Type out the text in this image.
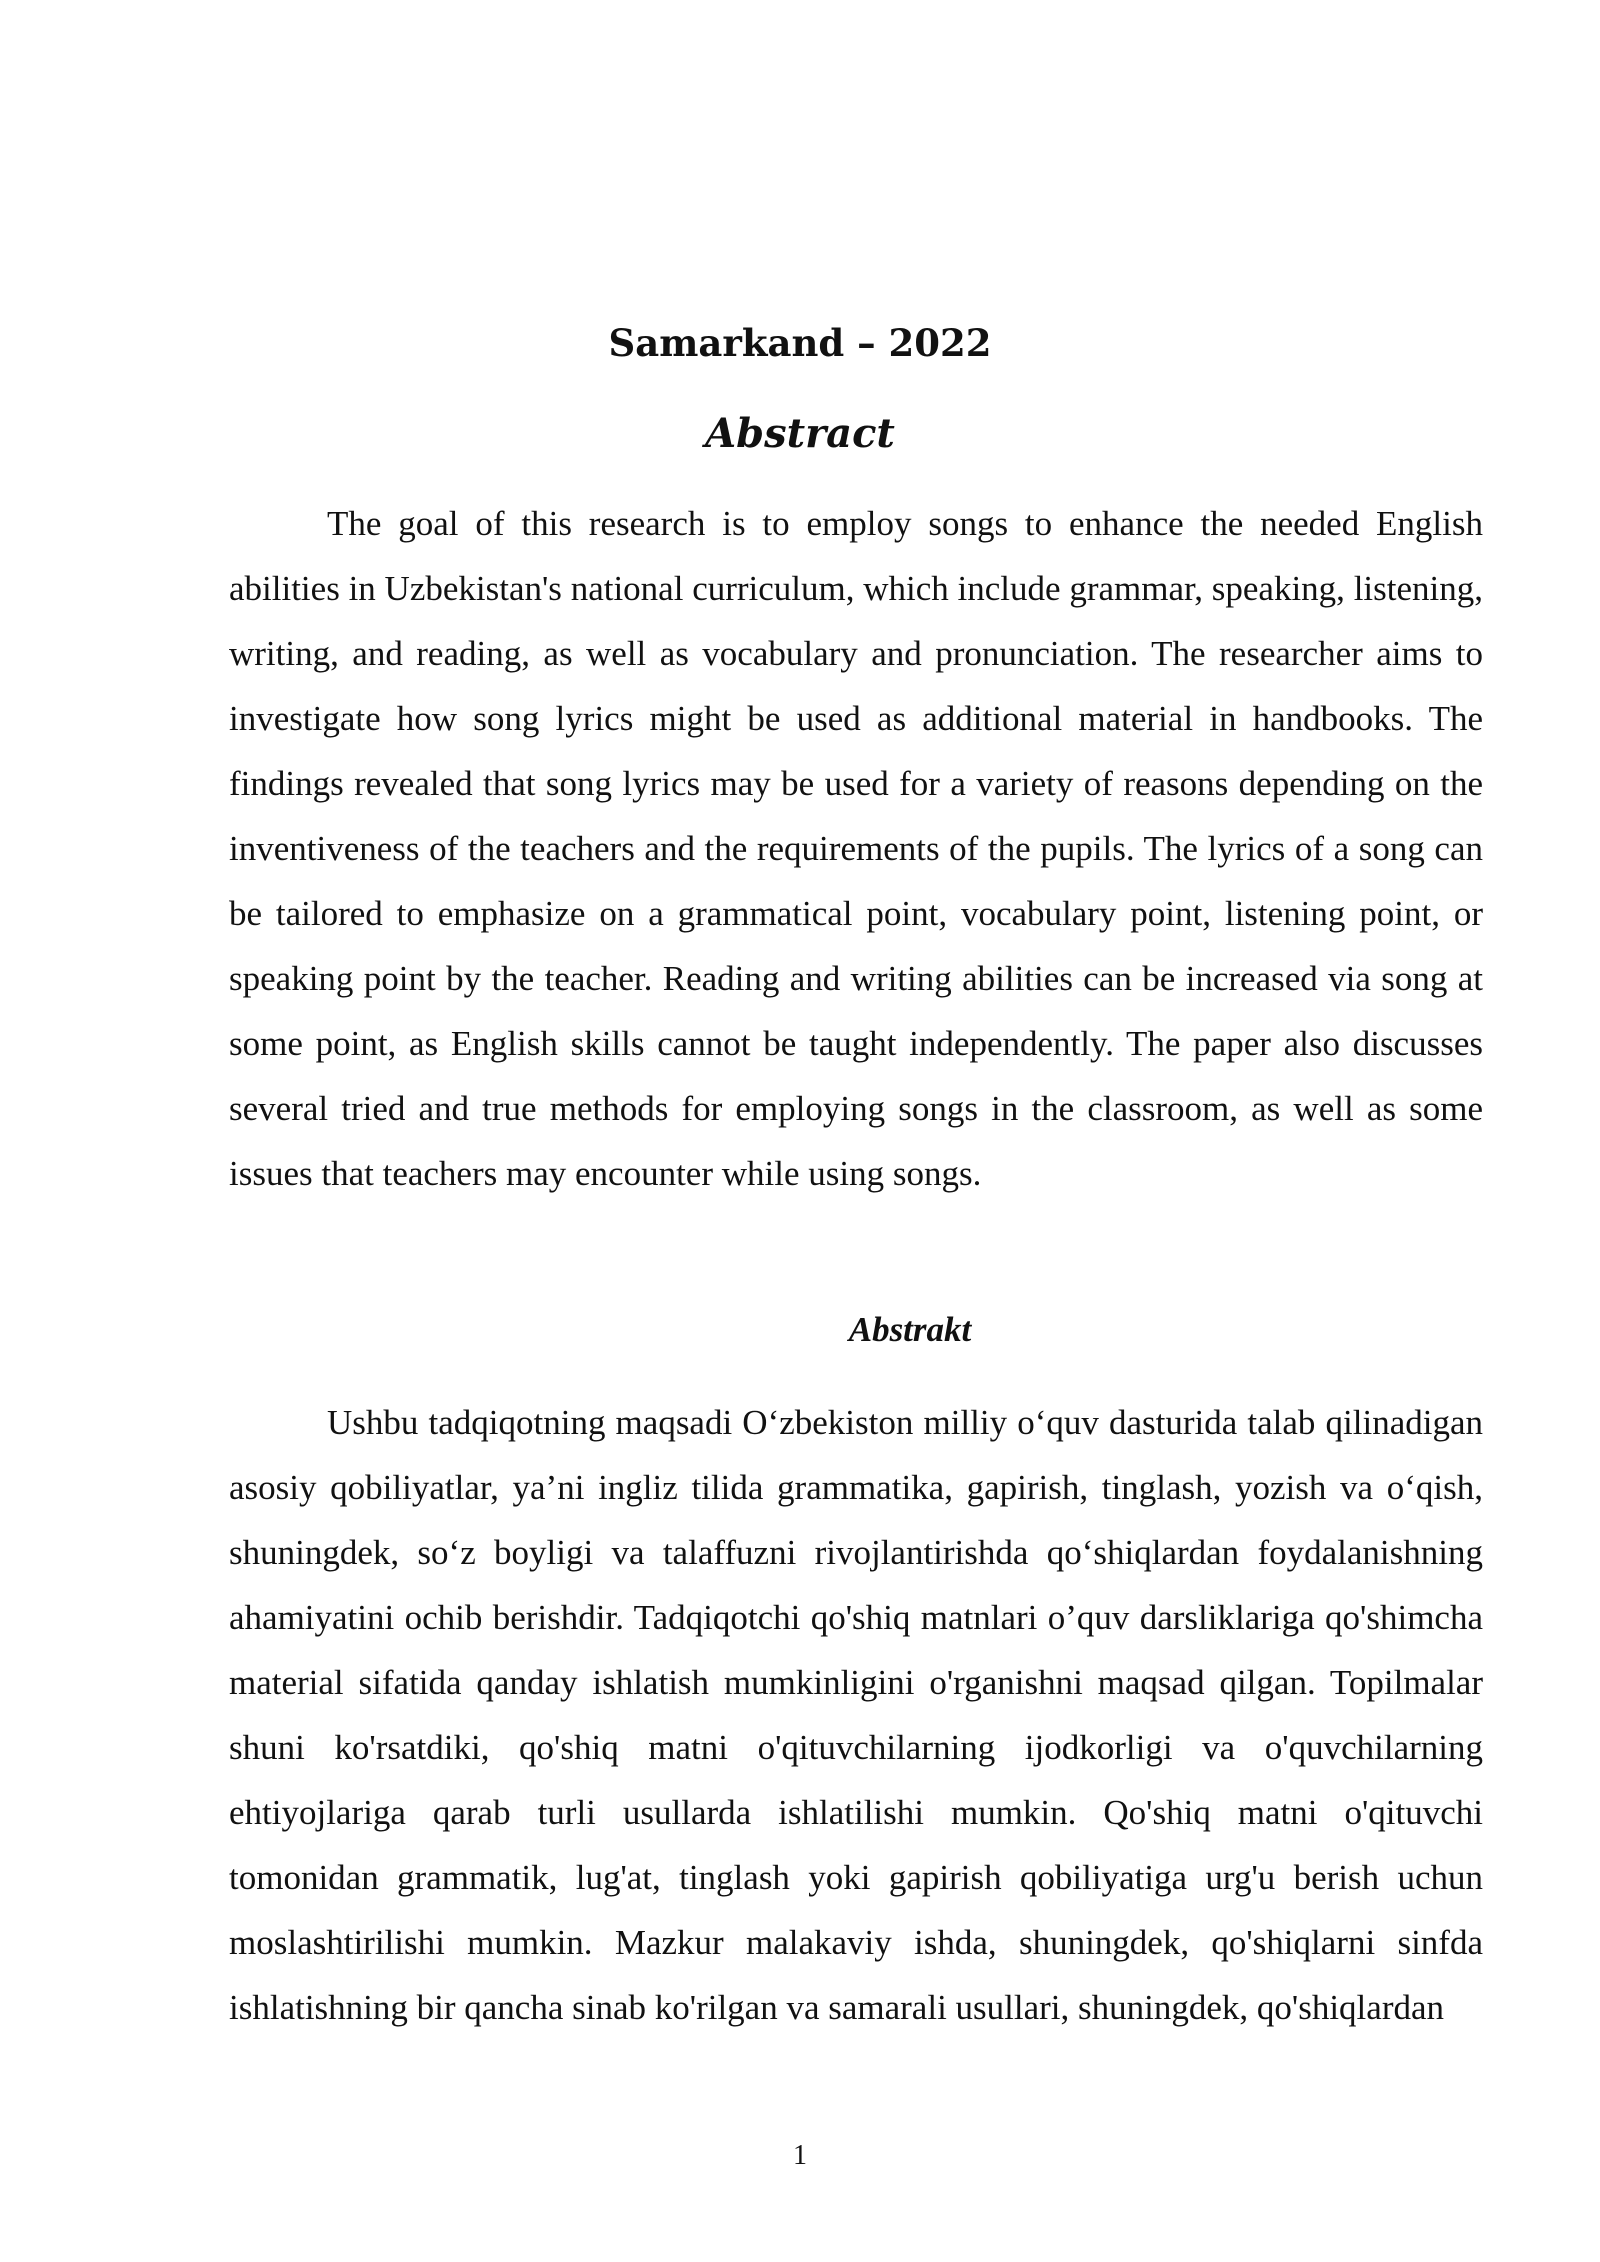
Samarkand – 2022
Abstract

The goal of this research is to employ songs to enhance the needed English abilities in Uzbekistan's national curriculum, which include grammar, speaking, listening, writing, and reading, as well as vocabulary and pronunciation. The researcher aims to investigate how song lyrics might be used as additional material in handbooks. The findings revealed that song lyrics may be used for a variety of reasons depending on the inventiveness of the teachers and the requirements of the pupils. The lyrics of a song can be tailored to emphasize on a grammatical point, vocabulary point, listening point, or speaking point by the teacher. Reading and writing abilities can be increased via song at some point, as English skills cannot be taught independently. The paper also discusses several tried and true methods for employing songs in the classroom, as well as some issues that teachers may encounter while using songs.

Abstrakt

Ushbu tadqiqotning maqsadi O‘zbekiston milliy o‘quv dasturida talab qilinadigan asosiy qobiliyatlar, ya’ni ingliz tilida grammatika, gapirish, tinglash, yozish va o‘qish, shuningdek, so‘z boyligi va talaffuzni rivojlantirishda qo‘shiqlardan foydalanishning ahamiyatini ochib berishdir. Tadqiqotchi qo'shiq matnlari o’quv darsliklariga qo'shimcha material sifatida qanday ishlatish mumkinligini o'rganishni maqsad qilgan. Topilmalar shuni ko'rsatdiki, qo'shiq matni o'qituvchilarning ijodkorligi va o'quvchilarning ehtiyojlariga qarab turli usullarda ishlatilishi mumkin. Qo'shiq matni o'qituvchi tomonidan grammatik, lug'at, tinglash yoki gapirish qobiliyatiga urg'u berish uchun moslashtirilishi mumkin. Mazkur malakaviy ishda, shuningdek, qo'shiqlarni sinfda ishlatishning bir qancha sinab ko'rilgan va samarali usullari, shuningdek, qo'shiqlardan

1
